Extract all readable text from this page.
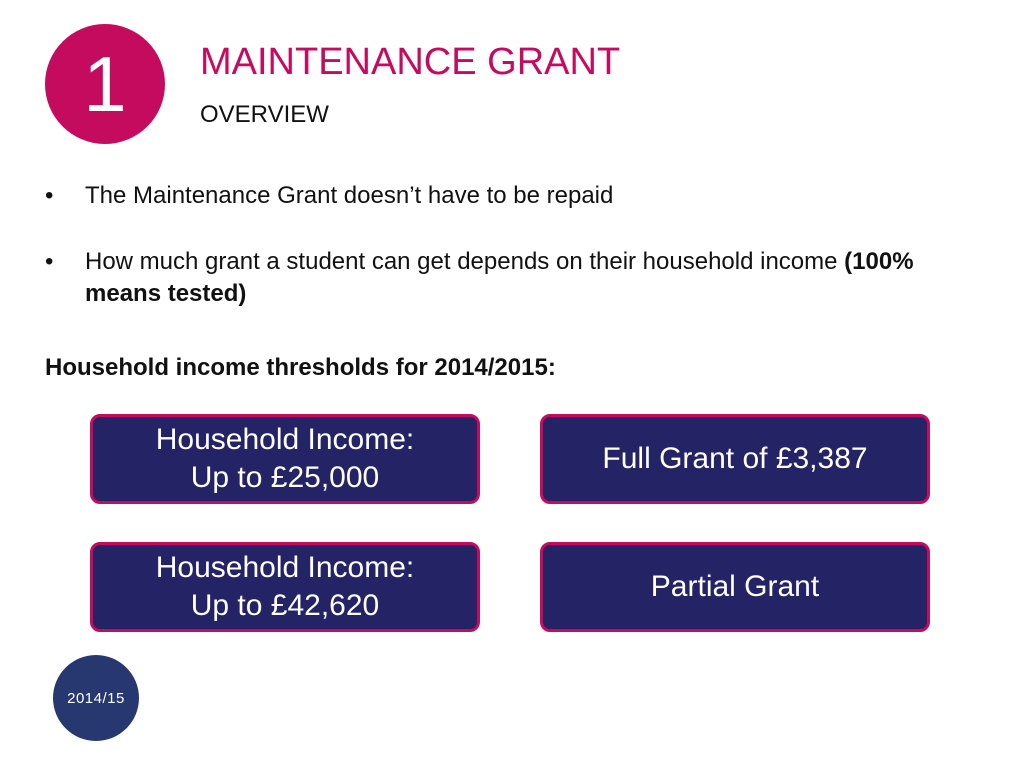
1 MAINTENANCE GRANT
OVERVIEW
• The Maintenance Grant doesn’t have to be repaid
• How much grant a student can get depends on their household income (100% means tested)
Household income thresholds for 2014/2015:
Household Income:
Up to £25,000
Full Grant of £3,387
Household Income:
Up to £42,620
Partial Grant
2014/15
